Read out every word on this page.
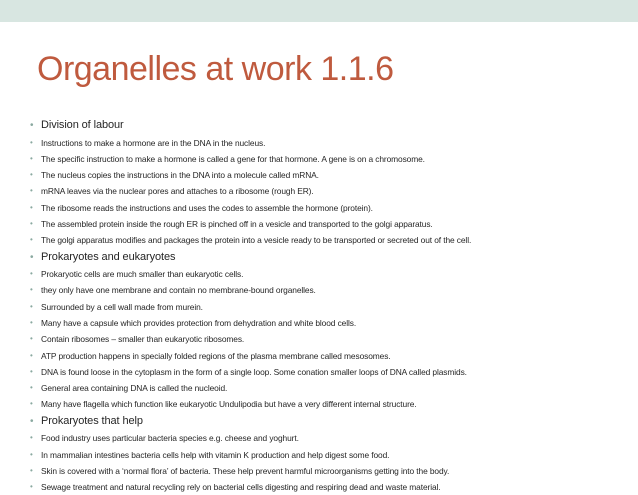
Organelles at work 1.1.6
• Division of labour
• Instructions to make a hormone are in the DNA in the nucleus.
• The specific instruction to make a hormone is called a gene for that hormone. A gene is on a chromosome.
• The nucleus copies the instructions in the DNA into a molecule called mRNA.
• mRNA leaves via the nuclear pores and attaches to a ribosome (rough ER).
• The ribosome reads the instructions and uses the codes to assemble the hormone (protein).
• The assembled protein inside the rough ER is pinched off in a vesicle and transported to the golgi apparatus.
• The golgi apparatus modifies and packages the protein into a vesicle ready to be transported or secreted out of the cell.
• Prokaryotes and eukaryotes
• Prokaryotic cells are much smaller than eukaryotic cells.
• they only have one membrane and contain no membrane-bound organelles.
• Surrounded by a cell wall made from murein.
• Many have a capsule which provides protection from dehydration and white blood cells.
• Contain ribosomes – smaller than eukaryotic ribosomes.
• ATP production happens in specially folded regions of the plasma membrane called mesosomes.
• DNA is found loose in the cytoplasm in the form of a single loop. Some conation smaller loops of DNA called plasmids.
• General area containing DNA is called the nucleoid.
• Many have flagella which function like eukaryotic Undulipodia but have a very different internal structure.
• Prokaryotes that help
• Food industry uses particular bacteria species e.g. cheese and yoghurt.
• In mammalian intestines bacteria cells help with vitamin K production and help digest some food.
• Skin is covered with a ‘normal flora’ of bacteria. These help prevent harmful microorganisms getting into the body.
• Sewage treatment and natural recycling rely on bacterial cells digesting and respiring dead and waste material.
